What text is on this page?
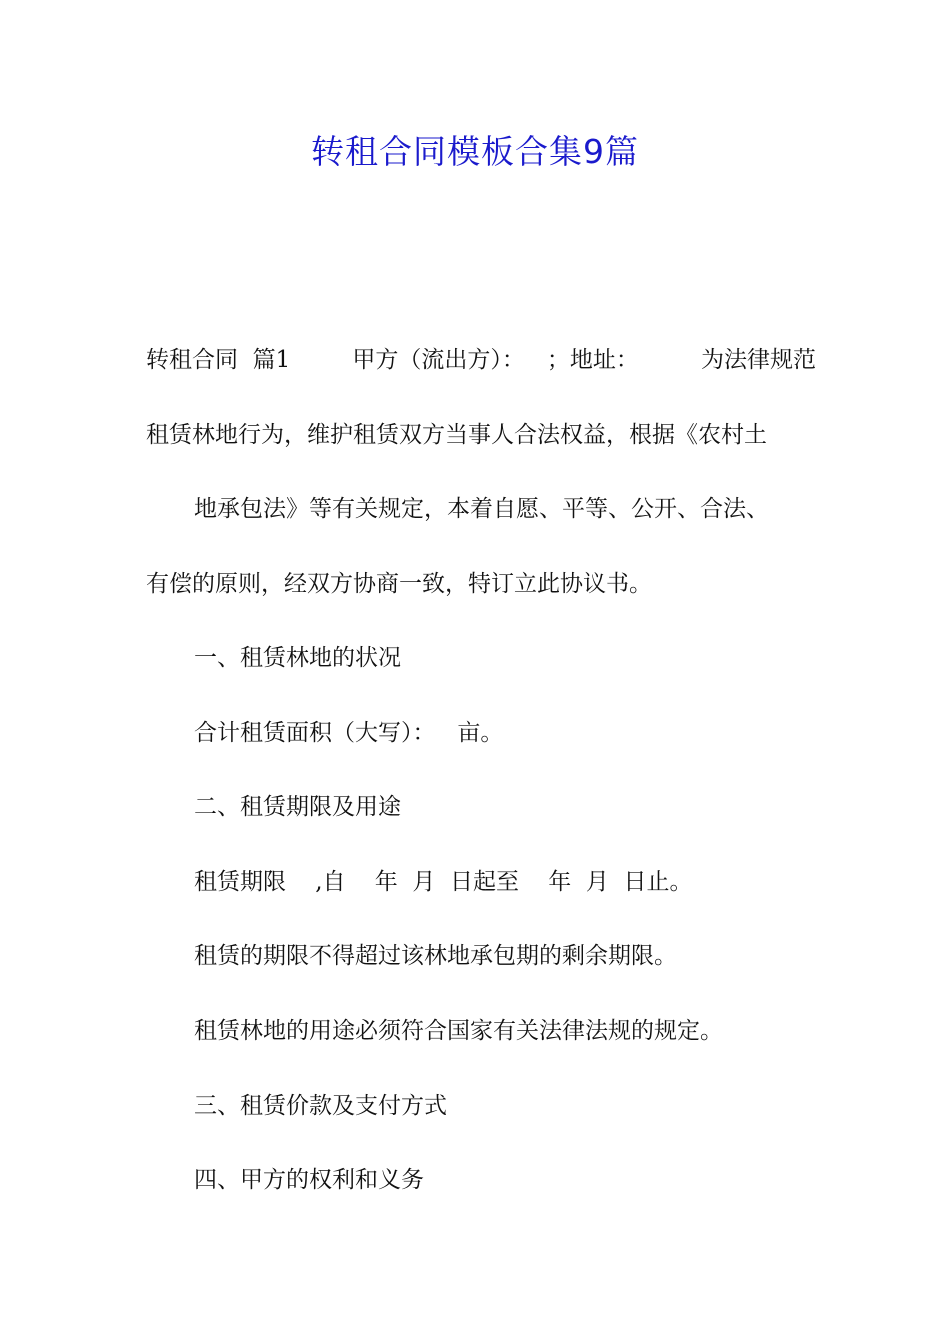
转租合同模板合集9篇
转租合同  篇1	甲方（流出方）：   ；地址：	为法律规范
租赁林地行为，维护租赁双方当事人合法权益，根据《农村土
地承包法》等有关规定，本着自愿、平等、公开、合法、
有偿的原则，经双方协商一致，特订立此协议书。
一、租赁林地的状况
合计租赁面积（大写）：   亩。
二、租赁期限及用途
租赁期限    ,自    年  月  日起至    年  月  日止。
租赁的期限不得超过该林地承包期的剩余期限。
租赁林地的用途必须符合国家有关法律法规的规定。
三、租赁价款及支付方式
四、甲方的权利和义务
